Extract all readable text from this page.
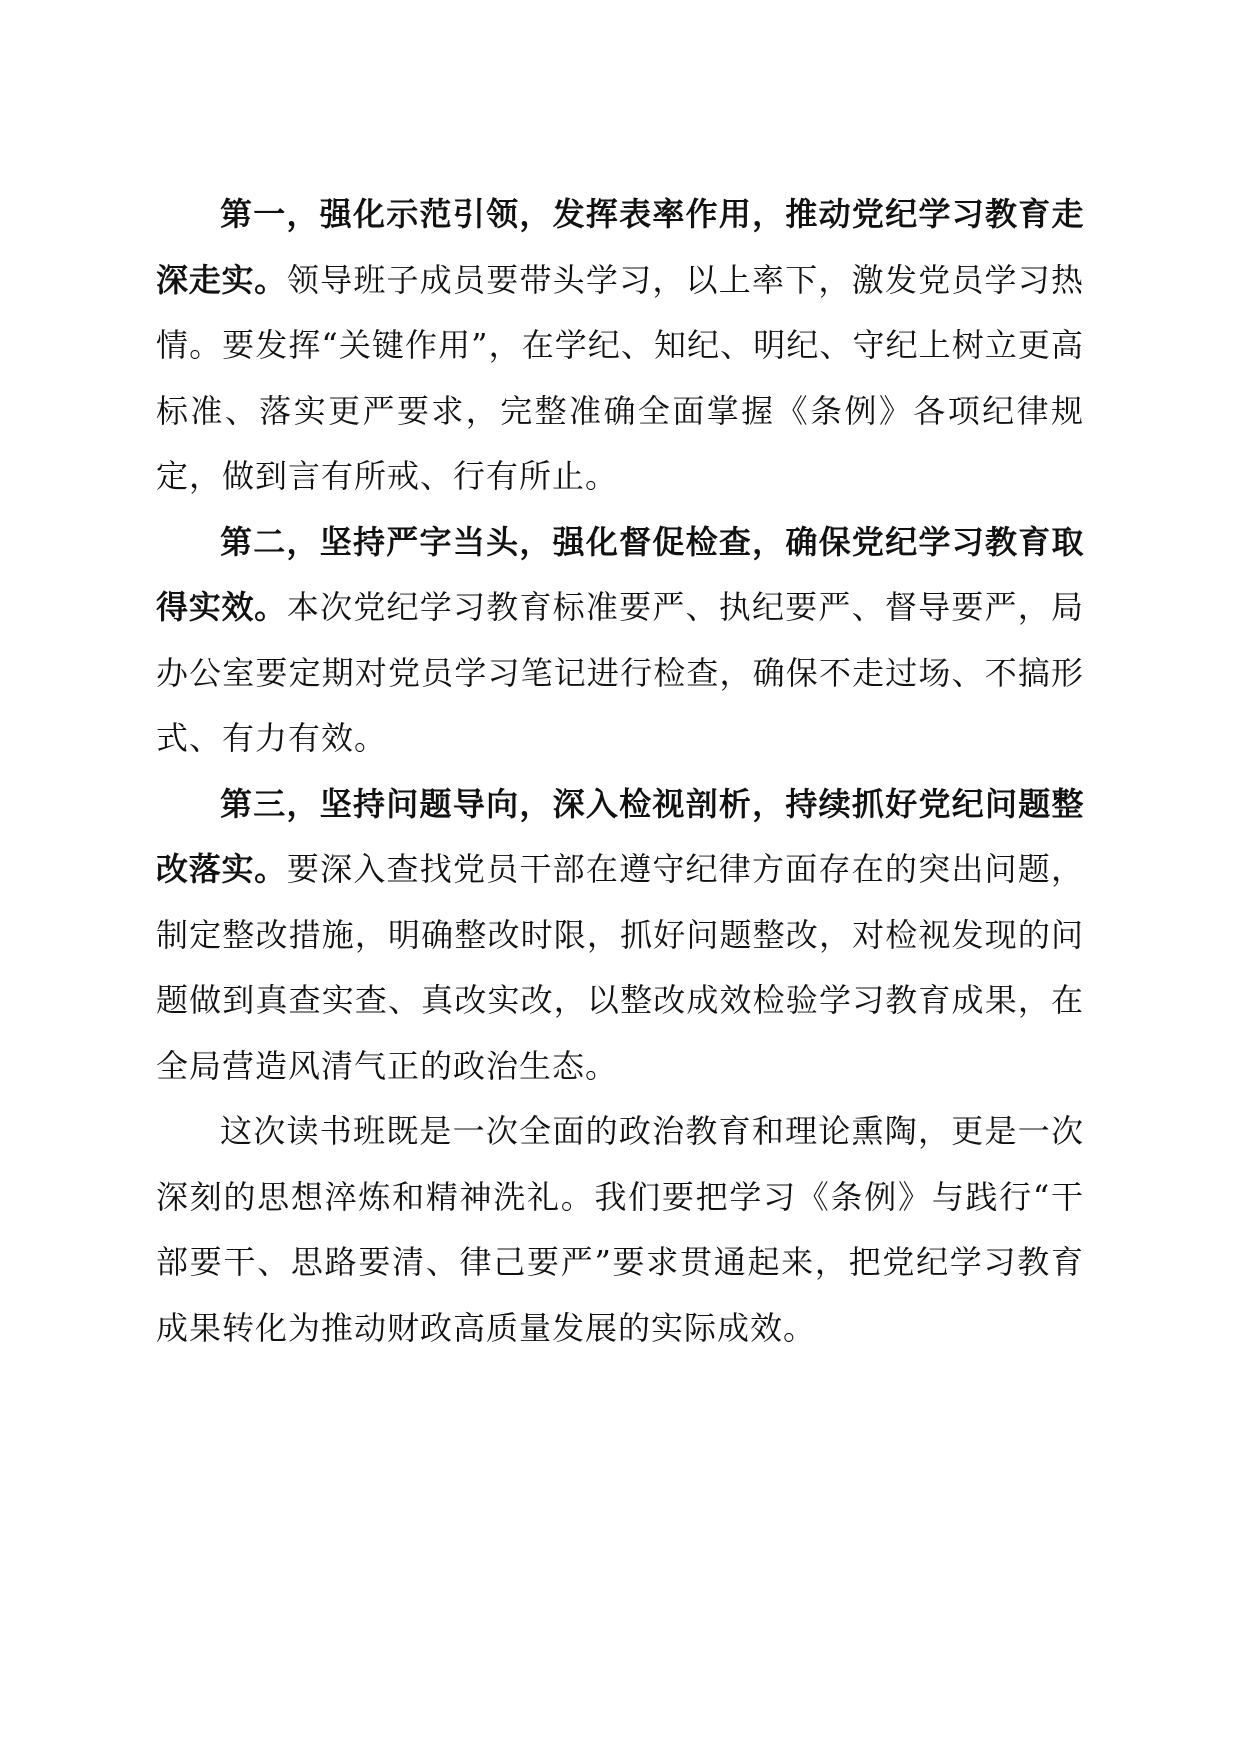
第一，强化示范引领，发挥表率作用，推动党纪学习教育走深走实。领导班子成员要带头学习，以上率下，激发党员学习热情。要发挥“关键作用”，在学纪、知纪、明纪、守纪上树立更高标准、落实更严要求，完整准确全面掌握《条例》各项纪律规定，做到言有所戒、行有所止。

第二，坚持严字当头，强化督促检查，确保党纪学习教育取得实效。本次党纪学习教育标准要严、执纪要严、督导要严，局办公室要定期对党员学习笔记进行检查，确保不走过场、不搞形式、有力有效。

第三，坚持问题导向，深入检视剖析，持续抓好党纪问题整改落实。要深入查找党员干部在遵守纪律方面存在的突出问题，制定整改措施，明确整改时限，抓好问题整改，对检视发现的问题做到真查实查、真改实改，以整改成效检验学习教育成果，在全局营造风清气正的政治生态。

这次读书班既是一次全面的政治教育和理论熏陶，更是一次深刻的思想淬炼和精神洗礼。我们要把学习《条例》与践行“干部要干、思路要清、律己要严”要求贯通起来，把党纪学习教育成果转化为推动财政高质量发展的实际成效。
